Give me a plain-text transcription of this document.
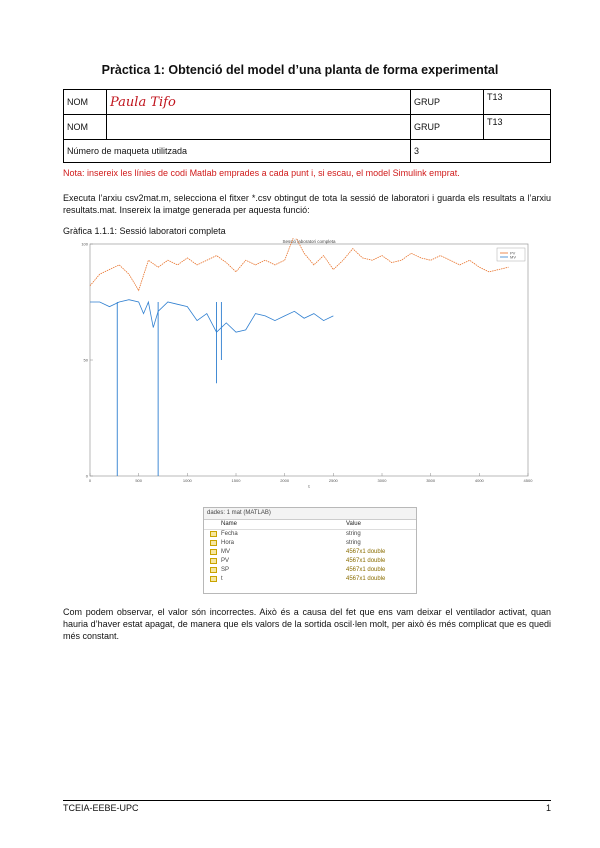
Pràctica 1: Obtenció del model d’una planta de forma experimental
NOM	Paula Tifo	GRUP	T13
NOM		GRUP	T13
Número de maqueta utilitzada		3	
Nota: insereix les línies de codi Matlab emprades a cada punt i, si escau, el model Simulink emprat.
Executa l’arxiu csv2mat.m, selecciona el fitxer *.csv obtingut de tota la sessió de laboratori i guarda els resultats a l’arxiu resultats.mat. Insereix la imatge generada per aquesta funció:
Gràfica 1.1.1: Sessió laboratori completa
Sessió laboratori completa
0	500	1000	1500	2000	2500	3000	3500	4000	4500
0
50
100
PV
MV
t
dades: 1 mat (MATLAB)
Name	Value
Fecha	string
Hora	string
MV	4567x1 double
PV	4567x1 double
SP	4567x1 double
t	4567x1 double
Com podem observar, el valor són incorrectes. Això és a causa del fet que ens vam deixar el ventilador activat, quan hauria d’haver estat apagat, de manera que els valors de la sortida oscil·len molt, per això és més complicat que es quedi més constant.
TCEIA-EEBE-UPC	1
